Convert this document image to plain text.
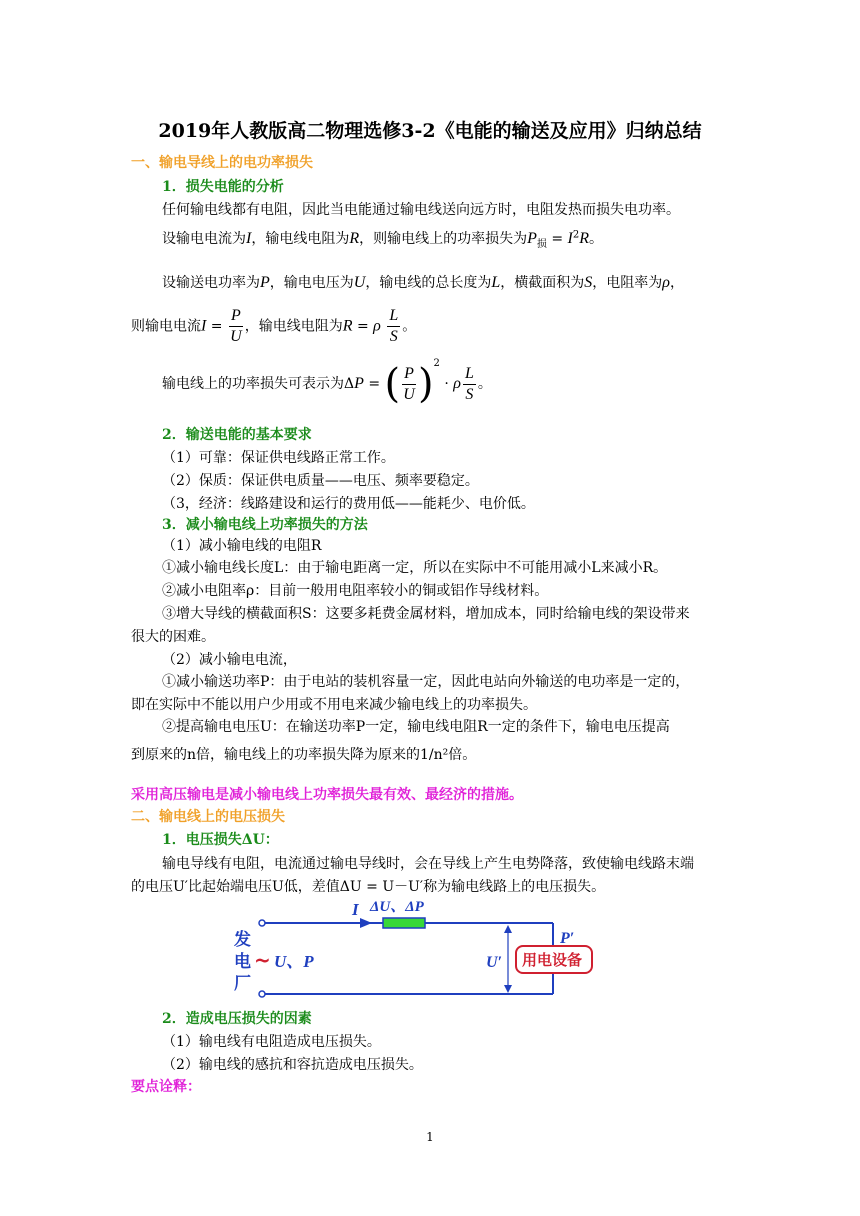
2019年人教版高二物理选修3-2《电能的输送及应用》归纳总结
一、输电导线上的电功率损失
1．损失电能的分析
任何输电线都有电阻，因此当电能通过输电线送向远方时，电阻发热而损失电功率。
设输电电流为I，输电线电阻为R，则输电线上的功率损失为$P_损 = I^2R$。
设输送电功率为P，输电电压为U，输电线的总长度为L，横截面积为S，电阻率为ρ，
则输电电流$I = \frac{P}{U}$ ，输电线电阻为R = ρ $\frac{L}{S}$ 。
输电线上的功率损失可表示为ΔP = ( $\frac{P}{U} )^2 \cdot \rho \frac{L}{S}$ 。
2．输送电能的基本要求
（1）可靠：保证供电线路正常工作。
（2）保质：保证供电质量——电压、频率要稳定。
（3，经济：线路建设和运行的费用低——能耗少、电价低。
3．减小输电线上功率损失的方法
（1）减小输电线的电阻R
①减小输电线长度L：由于输电距离一定，所以在实际中不可能用减小L来减小R。
②减小电阻率ρ：目前一般用电阻率较小的铜或铝作导线材料。
③增大导线的横截面积S：这要多耗费金属材料，增加成本，同时给输电线的架设带来
很大的困难。
（2）减小输电电流，
①减小输送功率P：由于电站的装机容量一定，因此电站向外输送的电功率是一定的，
即在实际中不能以用户少用或不用电来减少输电线上的功率损失。
②提高输电电压U：在输送功率P一定，输电线电阻R一定的条件下，输电电压提高
到原来的n倍，输电线上的功率损失降为原来的1/n²倍。
采用高压输电是减小输电线上功率损失最有效、最经济的措施。
二、输电线上的电压损失
1．电压损失ΔU：
输电导线有电阻，电流通过输电导线时，会在导线上产生电势降落，致使输电线路末端
的电压U′比起始端电压U低，差值ΔU = U－U′称为输电线路上的电压损失。
I ΔU、ΔP
发
电
厂
~ U、P	U′
P′
用电设备
2．造成电压损失的因素
（1）输电线有电阻造成电压损失。
（2）输电线的感抗和容抗造成电压损失。
要点诠释：
1
